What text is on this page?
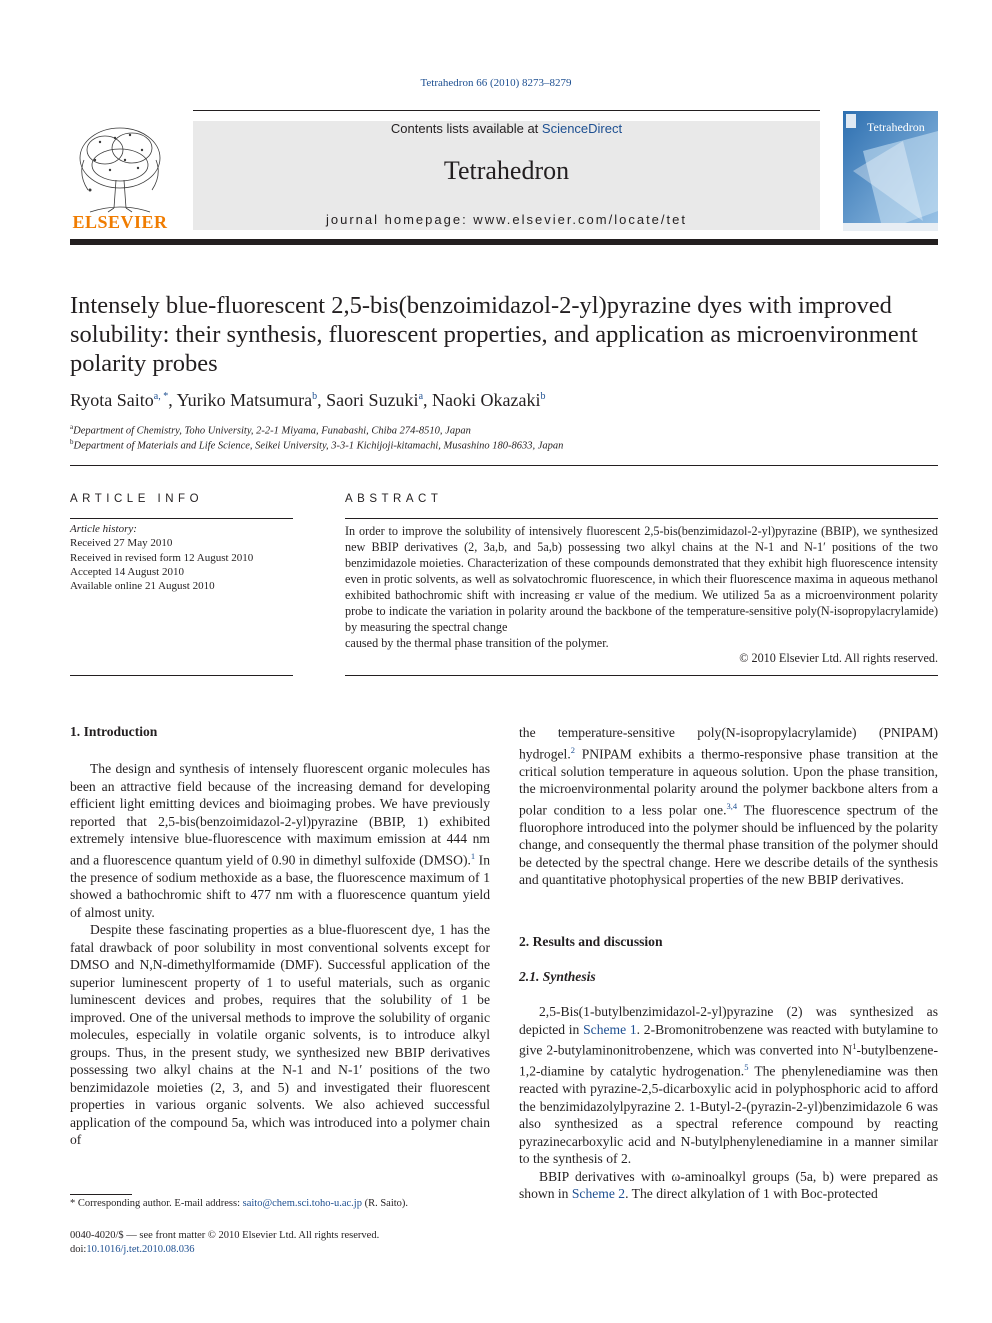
Tetrahedron 66 (2010) 8273–8279
ELSEVIER
Contents lists available at ScienceDirect
Tetrahedron
journal homepage: www.elsevier.com/locate/tet
Tetrahedron
Intensely blue-fluorescent 2,5-bis(benzoimidazol-2-yl)pyrazine dyes with improved solubility: their synthesis, fluorescent properties, and application as microenvironment polarity probes
Ryota Saito$^{a, *}$, Yuriko Matsumura$^b$, Saori Suzuki$^a$, Naoki Okazaki$^b$
$^a$Department of Chemistry, Toho University, 2-2-1 Miyama, Funabashi, Chiba 274-8510, Japan
$^b$Department of Materials and Life Science, Seikei University, 3-3-1 Kichijoji-kitamachi, Musashino 180-8633, Japan
ARTICLE INFO
Article history:
Received 27 May 2010
Received in revised form 12 August 2010
Accepted 14 August 2010
Available online 21 August 2010
ABSTRACT
In order to improve the solubility of intensively fluorescent 2,5-bis(benzimidazol-2-yl)pyrazine (BBIP), we synthesized new BBIP derivatives (2, 3a,b, and 5a,b) possessing two alkyl chains at the N-1 and N-1′ positions of the two benzimidazole moieties. Characterization of these compounds demonstrated that they exhibit high fluorescence intensity even in protic solvents, as well as solvatochromic fluorescence, in which their fluorescence maxima in aqueous methanol exhibited bathochromic shift with increasing εr value of the medium. We utilized 5a as a microenvironment polarity probe to indicate the variation in polarity around the backbone of the temperature-sensitive poly(N-isopropylacrylamide) by measuring the spectral change
caused by the thermal phase transition of the polymer.
© 2010 Elsevier Ltd. All rights reserved.
1. Introduction

The design and synthesis of intensely fluorescent organic molecules has been an attractive field because of the increasing demand for developing efficient light emitting devices and bioimaging probes. We have previously reported that 2,5-bis(benzoimidazol-2-yl)pyrazine (BBIP, 1) exhibited extremely intensive blue-fluorescence with maximum emission at 444 nm and a fluorescence quantum yield of 0.90 in dimethyl sulfoxide (DMSO).$^1$ In the presence of sodium methoxide as a base, the fluorescence maximum of 1 showed a bathochromic shift to 477 nm with a fluorescence quantum yield of almost unity.

Despite these fascinating properties as a blue-fluorescent dye, 1 has the fatal drawback of poor solubility in most conventional solvents except for DMSO and N,N-dimethylformamide (DMF). Successful application of the superior luminescent property of 1 to useful materials, such as organic luminescent devices and probes, requires that the solubility of 1 be improved. One of the universal methods to improve the solubility of organic molecules, especially in volatile organic solvents, is to introduce alkyl groups. Thus, in the present study, we synthesized new BBIP derivatives possessing two alkyl chains at the N-1 and N-1′ positions of the two benzimidazole moieties (2, 3, and 5) and investigated their fluorescent properties in various organic solvents. We also achieved successful application of the compound 5a, which was introduced into a polymer chain of

the temperature-sensitive poly(N-isopropylacrylamide) (PNIPAM) hydrogel.$^2$ PNIPAM exhibits a thermo-responsive phase transition at the critical solution temperature in aqueous solution. Upon the phase transition, the microenvironmental polarity around the polymer backbone alters from a polar condition to a less polar one.$^{3,4}$ The fluorescence spectrum of the fluorophore introduced into the polymer should be influenced by the polarity change, and consequently the thermal phase transition of the polymer should be detected by the spectral change. Here we describe details of the synthesis and quantitative photophysical properties of the new BBIP derivatives.

2. Results and discussion
2.1. Synthesis

2,5-Bis(1-butylbenzimidazol-2-yl)pyrazine (2) was synthesized as depicted in Scheme 1. 2-Bromonitrobenzene was reacted with butylamine to give 2-butylaminonitrobenzene, which was converted into $N^1-butylbenzene-1,2$-diamine by catalytic hydrogenation.$^5$ The phenylenediamine was then reacted with pyrazine-2,5-dicarboxylic acid in polyphosphoric acid to afford the benzimidazolylpyrazine 2. 1-Butyl-2-(pyrazin-2-yl)benzimidazole 6 was also synthesized as a spectral reference compound by reacting pyrazinecarboxylic acid and N-butylphenylenediamine in a manner similar to the synthesis of 2.

BBIP derivatives with ω-aminoalkyl groups (5a, b) were prepared as shown in Scheme 2. The direct alkylation of 1 with Boc-protected

* Corresponding author. E-mail address: saito@chem.sci.toho-u.ac.jp (R. Saito).
0040-4020/$ — see front matter © 2010 Elsevier Ltd. All rights reserved.
doi:10.1016/j.tet.2010.08.036
